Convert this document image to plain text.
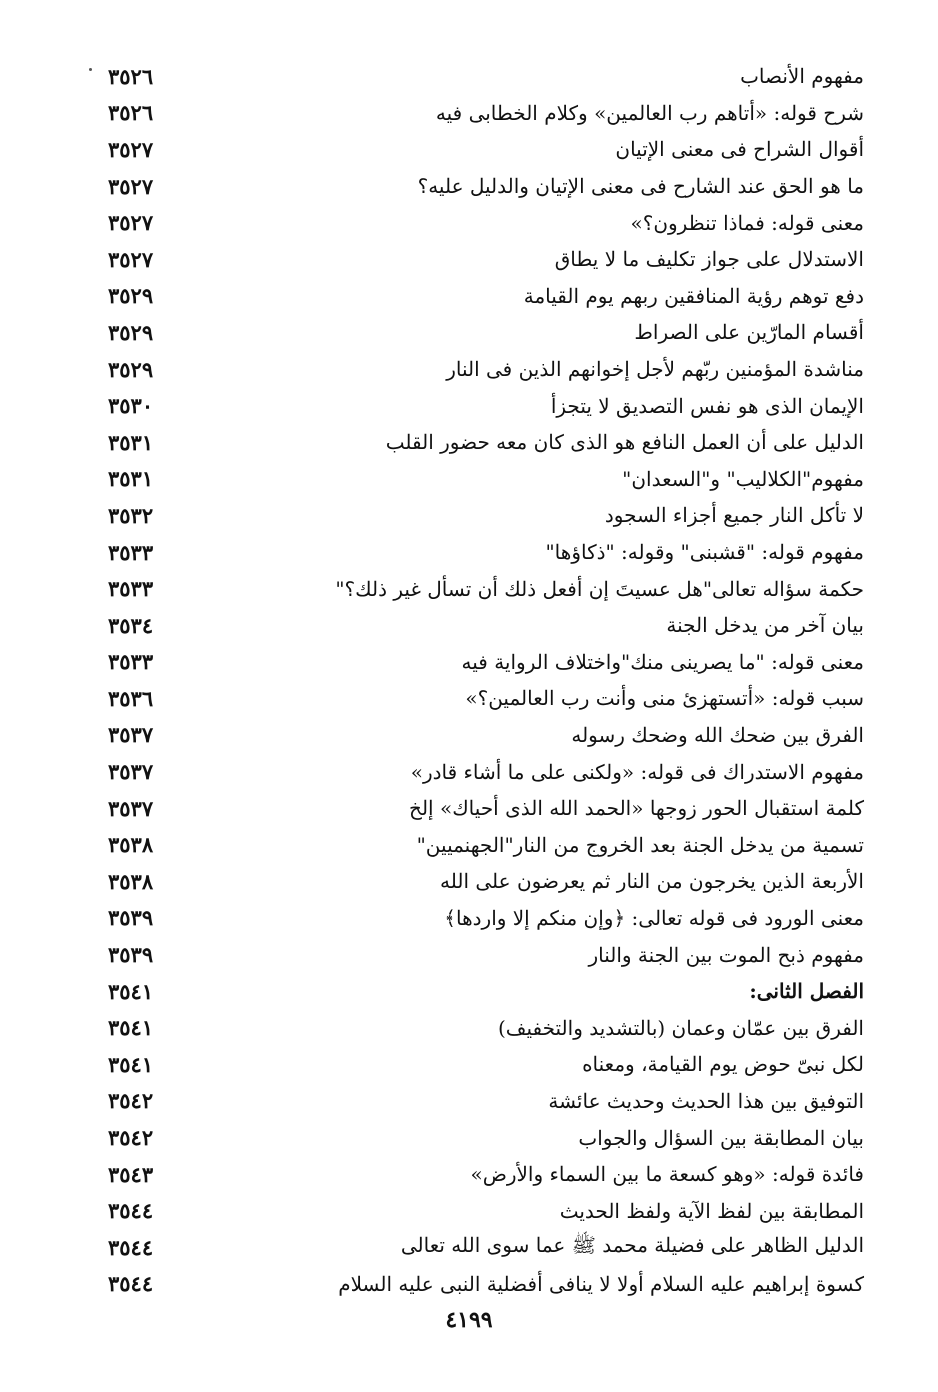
٣٥٢٦	مفهوم الأنصاب
٣٥٢٦	شرح قوله: «أتاهم رب العالمين» وكلام الخطابى فيه
٣٥٢٧	أقوال الشراح فى معنى الإتيان
٣٥٢٧	ما هو الحق عند الشارح فى معنى الإتيان والدليل عليه؟
٣٥٢٧	معنى قوله: فماذا تنظرون؟»
٣٥٢٧	الاستدلال على جواز تكليف ما لا يطاق
٣٥٢٩	دفع توهم رؤية المنافقين ربهم يوم القيامة
٣٥٢٩	أقسام المارّين على الصراط
٣٥٢٩	مناشدة المؤمنين ربّهم لأجل إخوانهم الذين فى النار
٣٥٣٠	الإيمان الذى هو نفس التصديق لا يتجزأ
٣٥٣١	الدليل على أن العمل النافع هو الذى كان معه حضور القلب
٣٥٣١	مفهوم"الكلاليب" و"السعدان"
٣٥٣٢	لا تأكل النار جميع أجزاء السجود
٣٥٣٣	مفهوم قوله: "قشبنى" وقوله: "ذكاؤها"
٣٥٣٣	حكمة سؤاله تعالى"هل عسيتَ إن أفعل ذلك أن تسأل غير ذلك؟"
٣٥٣٤	بيان آخر من يدخل الجنة
٣٥٣٣	معنى قوله: "ما يصرينى منك"واختلاف الرواية فيه
٣٥٣٦	سبب قوله: «أتستهزئ منى وأنت رب العالمين؟»
٣٥٣٧	الفرق بين ضحك الله وضحك رسوله
٣٥٣٧	مفهوم الاستدراك فى قوله: «ولكنى على ما أشاء قادر»
٣٥٣٧	كلمة استقبال الحور زوجها «الحمد الله الذى أحياك» إلخ
٣٥٣٨	تسمية من يدخل الجنة بعد الخروج من النار"الجهنميين"
٣٥٣٨	الأربعة الذين يخرجون من النار ثم يعرضون على الله
٣٥٣٩	معنى الورود فى قوله تعالى: ﴿وإن منكم إلا واردها﴾
٣٥٣٩	مفهوم ذبح الموت بين الجنة والنار
٣٥٤١	الفصل الثانى:
٣٥٤١	الفرق بين عمّان وعمان (بالتشديد والتخفيف)
٣٥٤١	لكل نبىّ حوض يوم القيامة، ومعناه
٣٥٤٢	التوفيق بين هذا الحديث وحديث عائشة
٣٥٤٢	بيان المطابقة بين السؤال والجواب
٣٥٤٣	فائدة قوله: «وهو كسعة ما بين السماء والأرض»
٣٥٤٤	المطابقة بين لفظ الآية ولفظ الحديث
٣٥٤٤	الدليل الظاهر على فضيلة محمد ﷺ عما سوى الله تعالى
٣٥٤٤	كسوة إبراهيم عليه السلام أولا لا ينافى أفضلية النبى عليه السلام
٤١٩٩
